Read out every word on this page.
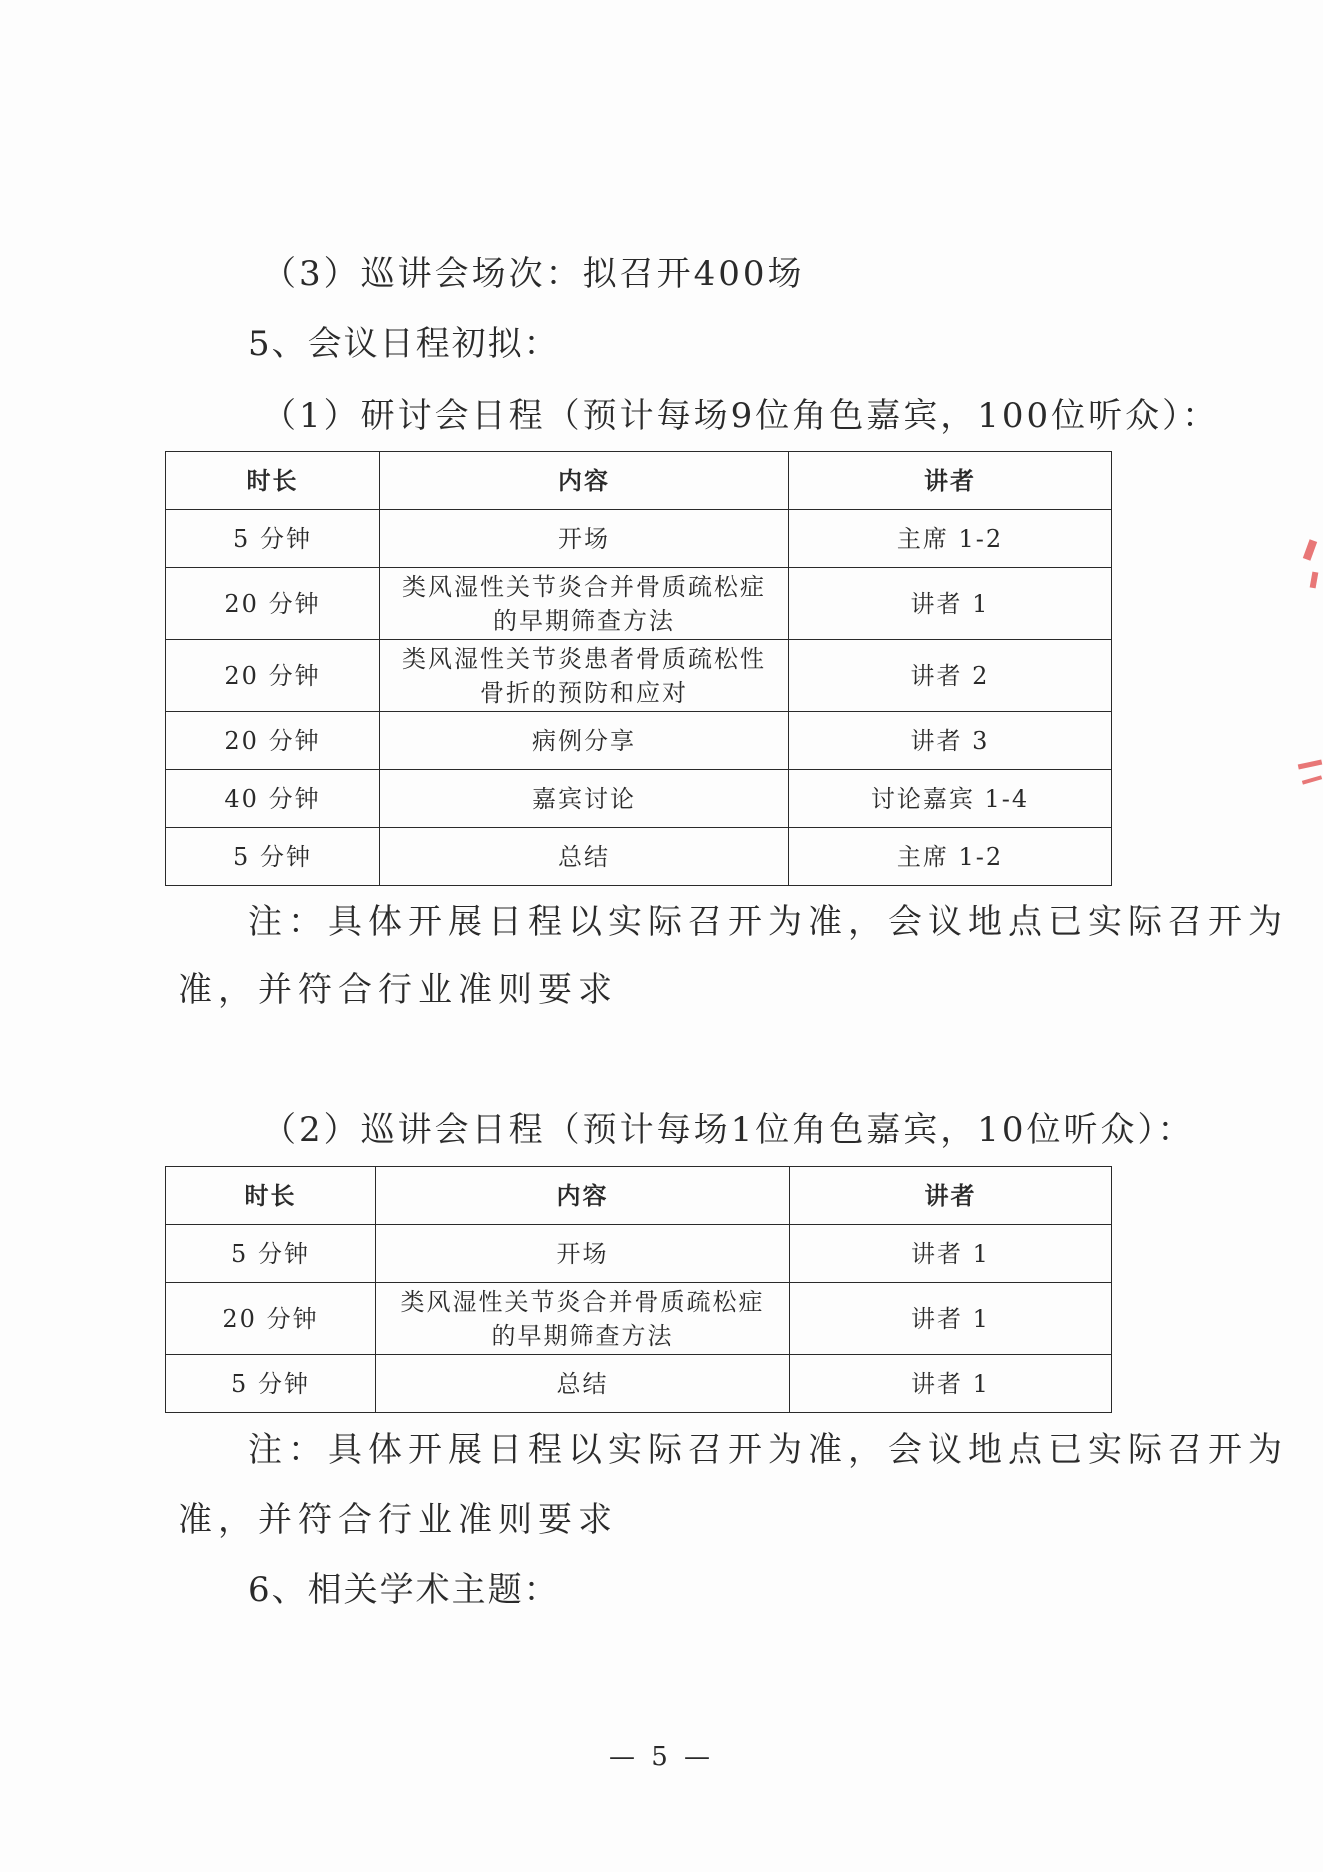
（3）巡讲会场次：拟召开400场
5、会议日程初拟：
（1）研讨会日程（预计每场9位角色嘉宾，100位听众）：
时长	内容	讲者
5 分钟	开场	主席 1-2
20 分钟	类风湿性关节炎合并骨质疏松症
的早期筛查方法	讲者 1
20 分钟	类风湿性关节炎患者骨质疏松性
骨折的预防和应对	讲者 2
20 分钟	病例分享	讲者 3
40 分钟	嘉宾讨论	讨论嘉宾 1-4
5 分钟	总结	主席 1-2
注：具体开展日程以实际召开为准，会议地点已实际召开为
准，并符合行业准则要求
（2）巡讲会日程（预计每场1位角色嘉宾，10位听众）：
时长	内容	讲者
5 分钟	开场	讲者 1
20 分钟	类风湿性关节炎合并骨质疏松症
的早期筛查方法	讲者 1
5 分钟	总结	讲者 1
注：具体开展日程以实际召开为准，会议地点已实际召开为
准，并符合行业准则要求
6、相关学术主题：
— 5 —
